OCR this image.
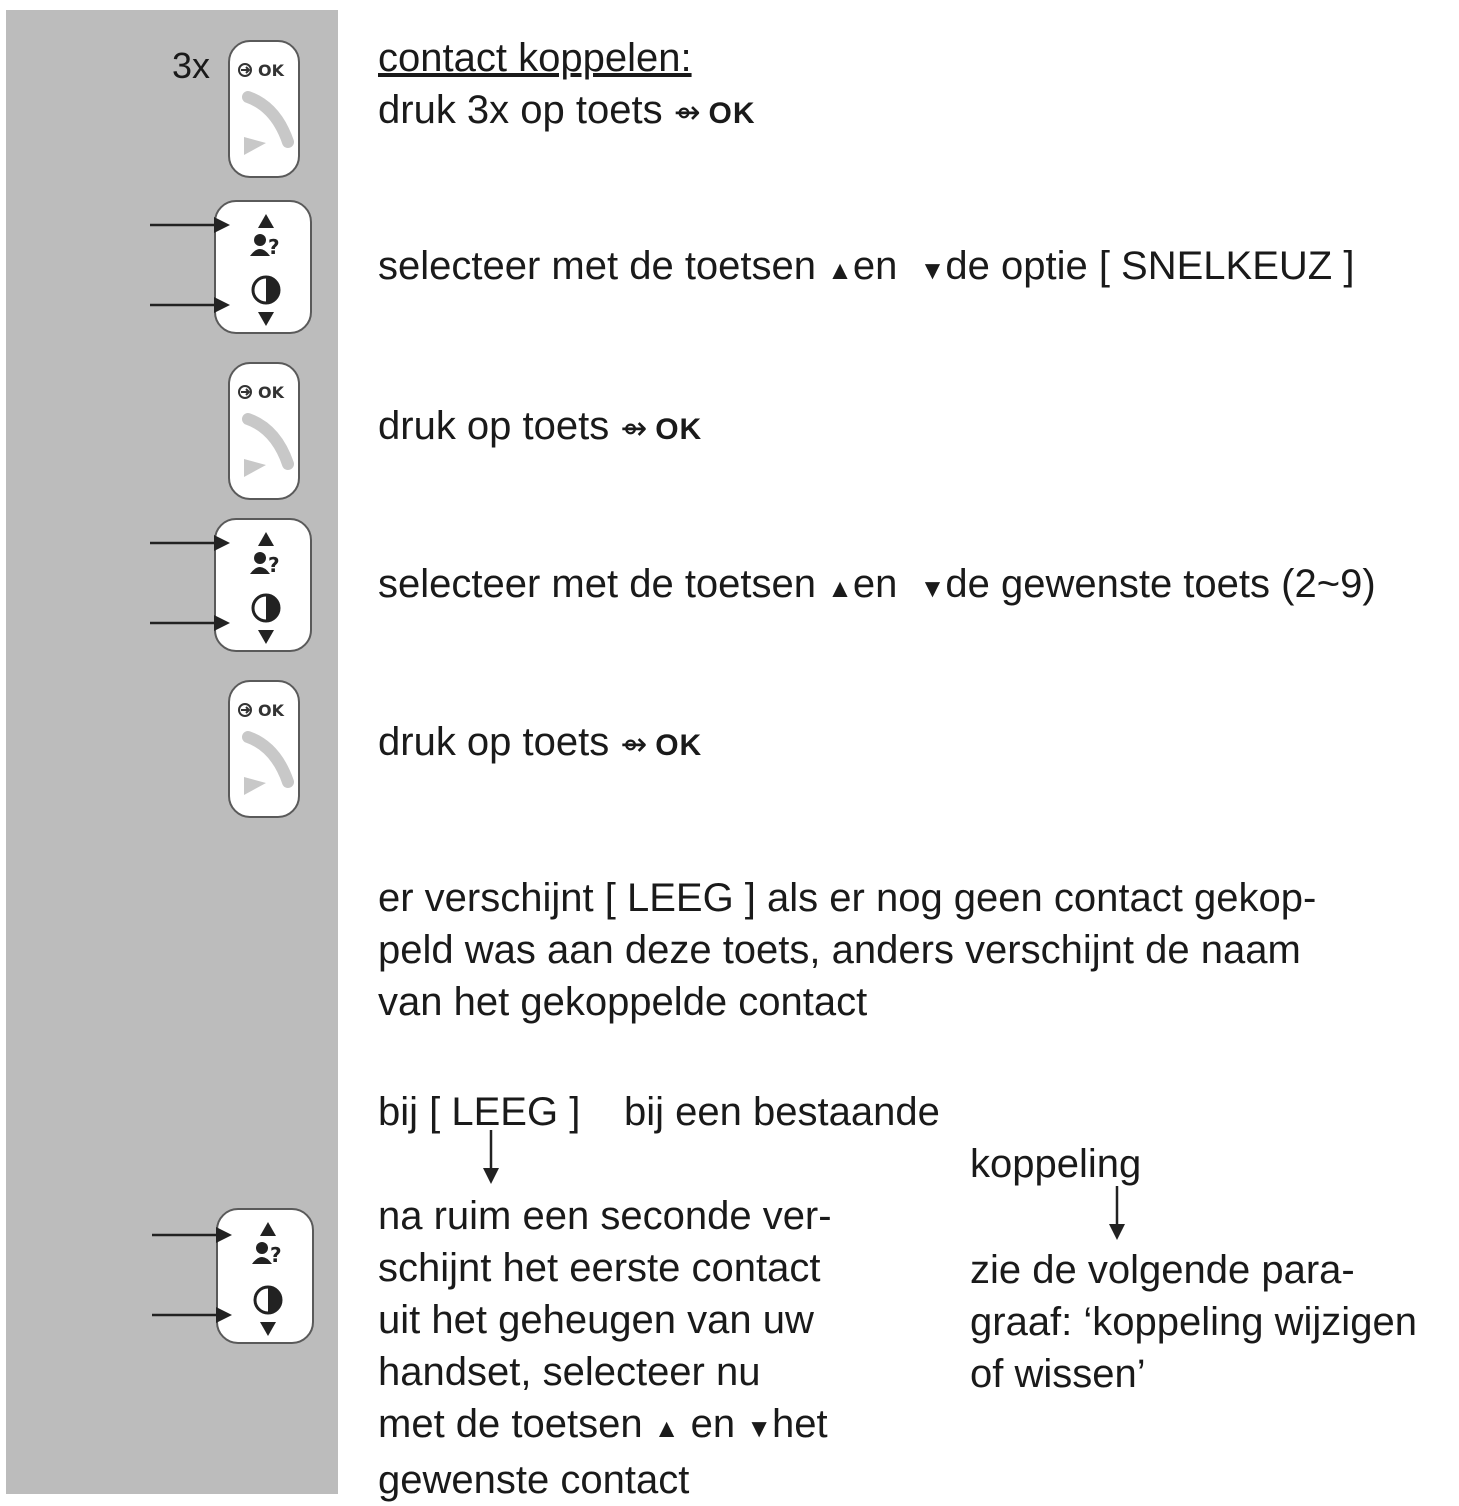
3x	OK
?
OK
?
OK
?

contact koppelen:

druk 3x op toets ⇴ OK

selecteer met de toetsen ▲en ▼de optie [ SNELKEUZ ]

druk op toets ⇴ OK

selecteer met de toetsen ▲en ▼de gewenste toets (2~9)

druk op toets ⇴ OK

er verschijnt [ LEEG ] als er nog geen contact gekop-
peld was aan deze toets, anders verschijnt de naam
van het gekoppelde contact

bij [ LEEG ] bij een bestaande

koppeling

na ruim een seconde ver-
schijnt het eerste contact
uit het geheugen van uw
handset, selecteer nu
met de toetsen ▲ en ▼het
gewenste contact
zie de volgende para-
graaf: ‘koppeling wijzigen
of wissen’
